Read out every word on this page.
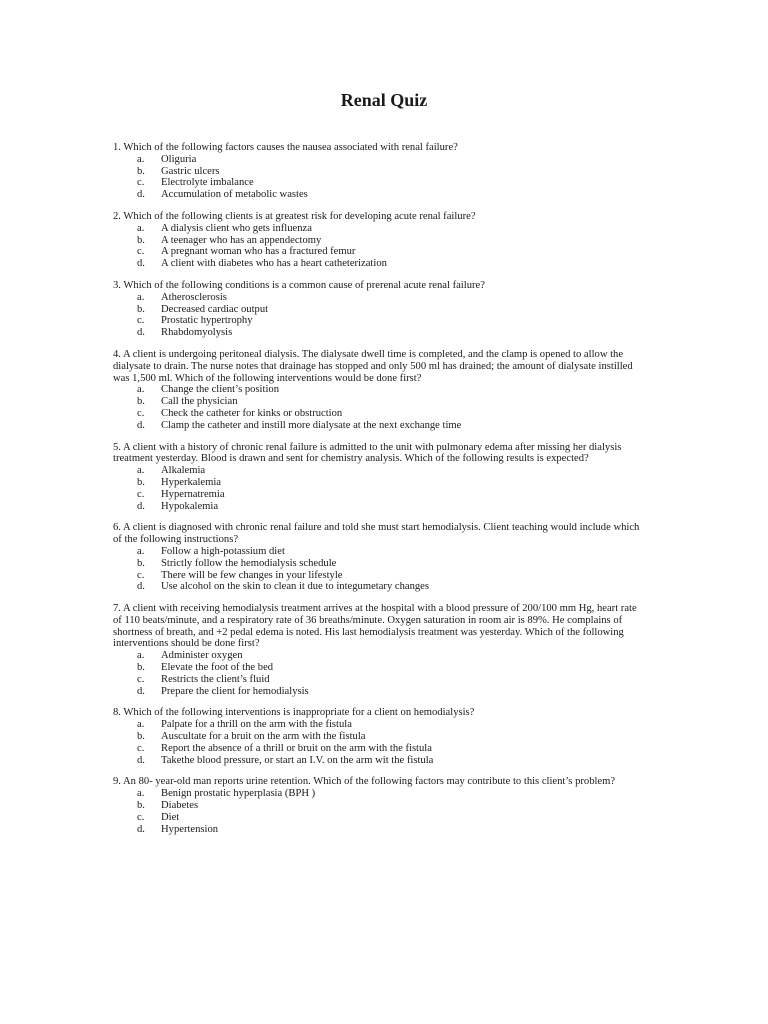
Renal Quiz

1. Which of the following factors causes the nausea associated with renal failure?

a.	Oliguria
b.	Gastric ulcers
c.	Electrolyte imbalance
d.	Accumulation of metabolic wastes

2. Which of the following clients is at greatest risk for developing acute renal failure?

a.	A dialysis client who gets influenza
b.	A teenager who has an appendectomy
c.	A pregnant woman who has a fractured femur
d.	A client with diabetes who has a heart catheterization

3. Which of the following conditions is a common cause of prerenal acute renal failure?

a.	Atherosclerosis
b.	Decreased cardiac output
c.	Prostatic hypertrophy
d.	Rhabdomyolysis

4. A client is undergoing peritoneal dialysis. The dialysate dwell time is completed, and the clamp is opened to allow the dialysate to drain. The nurse notes that drainage has stopped and only 500 ml has drained; the amount of dialysate instilled was 1,500 ml. Which of the following interventions would be done first?

a.	Change the client’s position
b.	Call the physician
c.	Check the catheter for kinks or obstruction
d.	Clamp the catheter and instill more dialysate at the next exchange time

5. A client with a history of chronic renal failure is admitted to the unit with pulmonary edema after missing her dialysis treatment yesterday. Blood is drawn and sent for chemistry analysis. Which of the following results is expected?

a.	Alkalemia
b.	Hyperkalemia
c.	Hypernatremia
d.	Hypokalemia

6. A client is diagnosed with chronic renal failure and told she must start hemodialysis. Client teaching would include which of the following instructions?

a.	Follow a high-potassium diet
b.	Strictly follow the hemodialysis schedule
c.	There will be few changes in your lifestyle
d.	Use alcohol on the skin to clean it due to integumetary changes

7. A client with receiving hemodialysis treatment arrives at the hospital with a blood pressure of 200/100 mm Hg, heart rate of 110 beats/minute, and a respiratory rate of 36 breaths/minute. Oxygen saturation in room air is 89%. He complains of shortness of breath, and +2 pedal edema is noted. His last hemodialysis treatment was yesterday. Which of the following interventions should be done first?

a.	Administer oxygen
b.	Elevate the foot of the bed
c.	Restricts the client’s fluid
d.	Prepare the client for hemodialysis

8. Which of the following interventions is inappropriate for a client on hemodialysis?

a.	Palpate for a thrill on the arm with the fistula
b.	Auscultate for a bruit on the arm with the fistula
c.	Report the absence of a thrill or bruit on the arm with the fistula
d.	Takethe blood pressure, or start an I.V. on the arm wit the fistula

9. An 80- year-old man reports urine retention. Which of the following factors may contribute to this client’s problem?

a.	Benign prostatic hyperplasia (BPH )
b.	Diabetes
c.	Diet
d.	Hypertension
